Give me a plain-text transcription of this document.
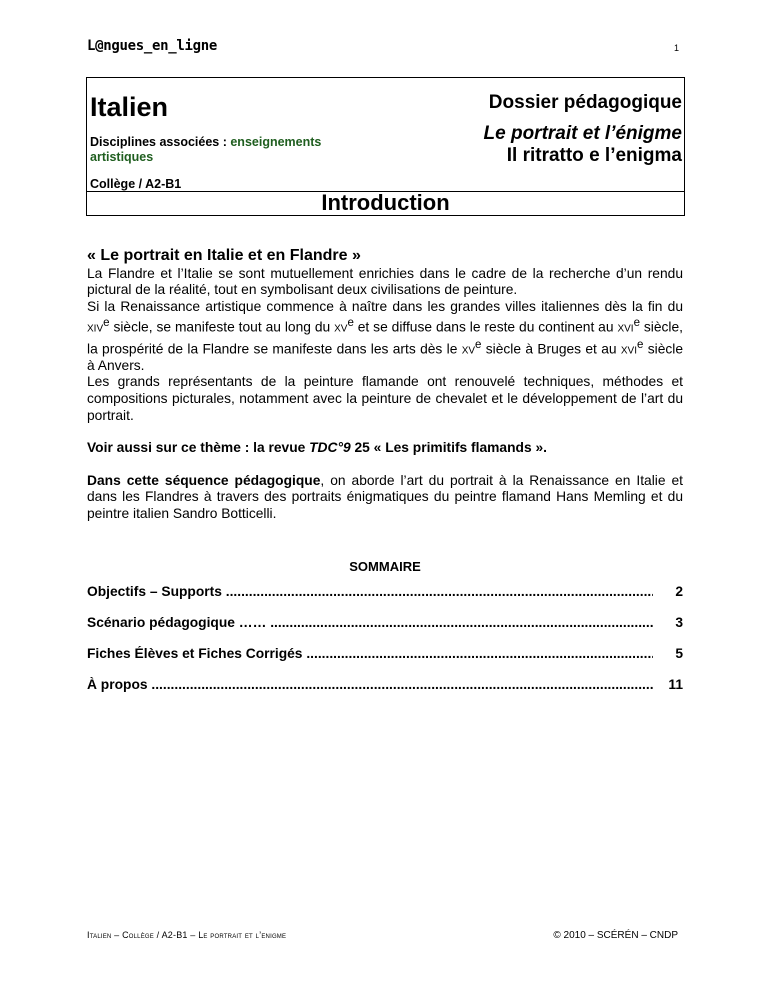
L@ngues_en_ligne	1
Italien
Disciplines associées : enseignements artistiques
Collège / A2-B1
Dossier pédagogique
Le portrait et l’énigme
Il ritratto e l’enigma
Introduction
« Le portrait en Italie et en Flandre »

La Flandre et l’Italie se sont mutuellement enrichies dans le cadre de la recherche d’un rendu pictural de la réalité, tout en symbolisant deux civilisations de peinture.
Si la Renaissance artistique commence à naître dans les grandes villes italiennes dès la fin du xiv$^e$ siècle, se manifeste tout au long du $xv^e$ et se diffuse dans le reste du continent au xvi$^e$ siècle, la prospérité de la Flandre se manifeste dans les arts dès le $xv^e$ siècle à Bruges et au xvi$^e$ siècle à Anvers.
Les grands représentants de la peinture flamande ont renouvelé techniques, méthodes et compositions picturales, notamment avec la peinture de chevalet et le développement de l’art du portrait.

Voir aussi sur ce thème : la revue TDC°9 25 « Les primitifs flamands ».

Dans cette séquence pédagogique, on aborde l’art du portrait à la Renaissance en Italie et dans les Flandres à travers des portraits énigmatiques du peintre flamand Hans Memling et du peintre italien Sandro Botticelli.

SOMMAIRE
Objectifs – Supports .....	2
Scénario pédagogique …… .....	3
Fiches Élèves et Fiches Corrigés .....	5
À propos .....	11
Italien – Collège / A2-B1 – Le portrait et l’enigme	© 2010 – SCÉRÉN – CNDP
